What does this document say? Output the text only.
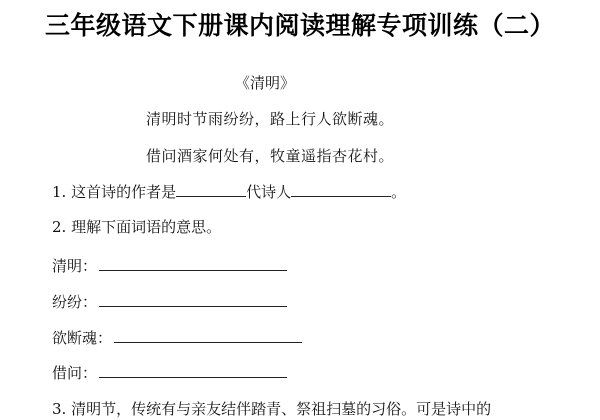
三年级语文下册课内阅读理解专项训练（二）
《清明》
清明时节雨纷纷，路上行人欲断魂。
借问酒家何处有，牧童遥指杏花村。
1. 这首诗的作者是	代诗人	。
2. 理解下面词语的意思。
清明：
纷纷：
欲断魂：
借问：
3. 清明节，传统有与亲友结伴踏青、祭祖扫墓的习俗。可是诗中的
